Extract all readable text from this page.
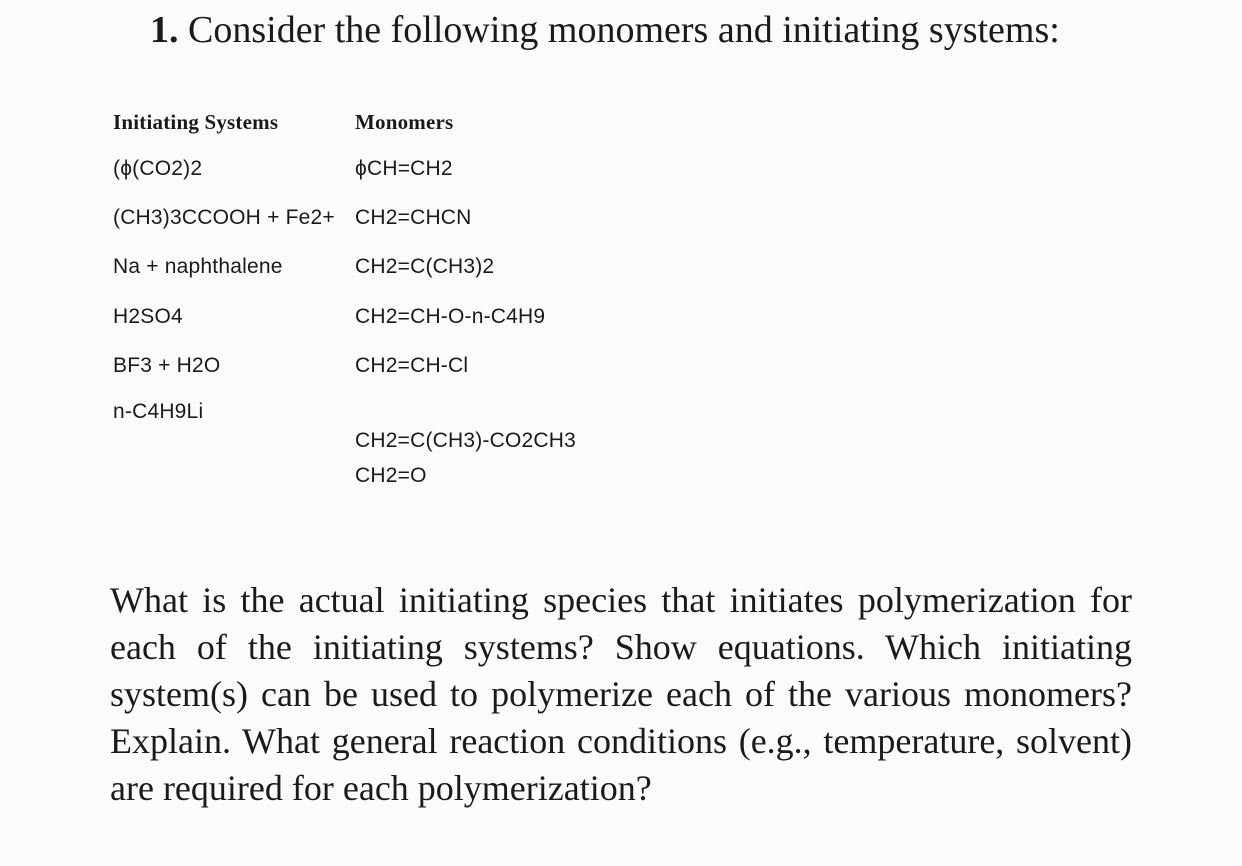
1. Consider the following monomers and initiating systems:
Initiating Systems	Monomers
(ϕ(CO2)2
(CH3)3CCOOH + Fe2+
Na + naphthalene
H2SO4
BF3 + H2O
n-C4H9Li
ϕCH=CH2
CH2=CHCN
CH2=C(CH3)2
CH2=CH-O-n-C4H9
CH2=CH-Cl
CH2=C(CH3)-CO2CH3
CH2=O
What is the actual initiating species that initiates polymerization for each of the initiating systems? Show equations. Which initiating system(s) can be used to polymerize each of the various monomers? Explain. What general reaction conditions (e.g., temperature, solvent) are required for each polymerization?
